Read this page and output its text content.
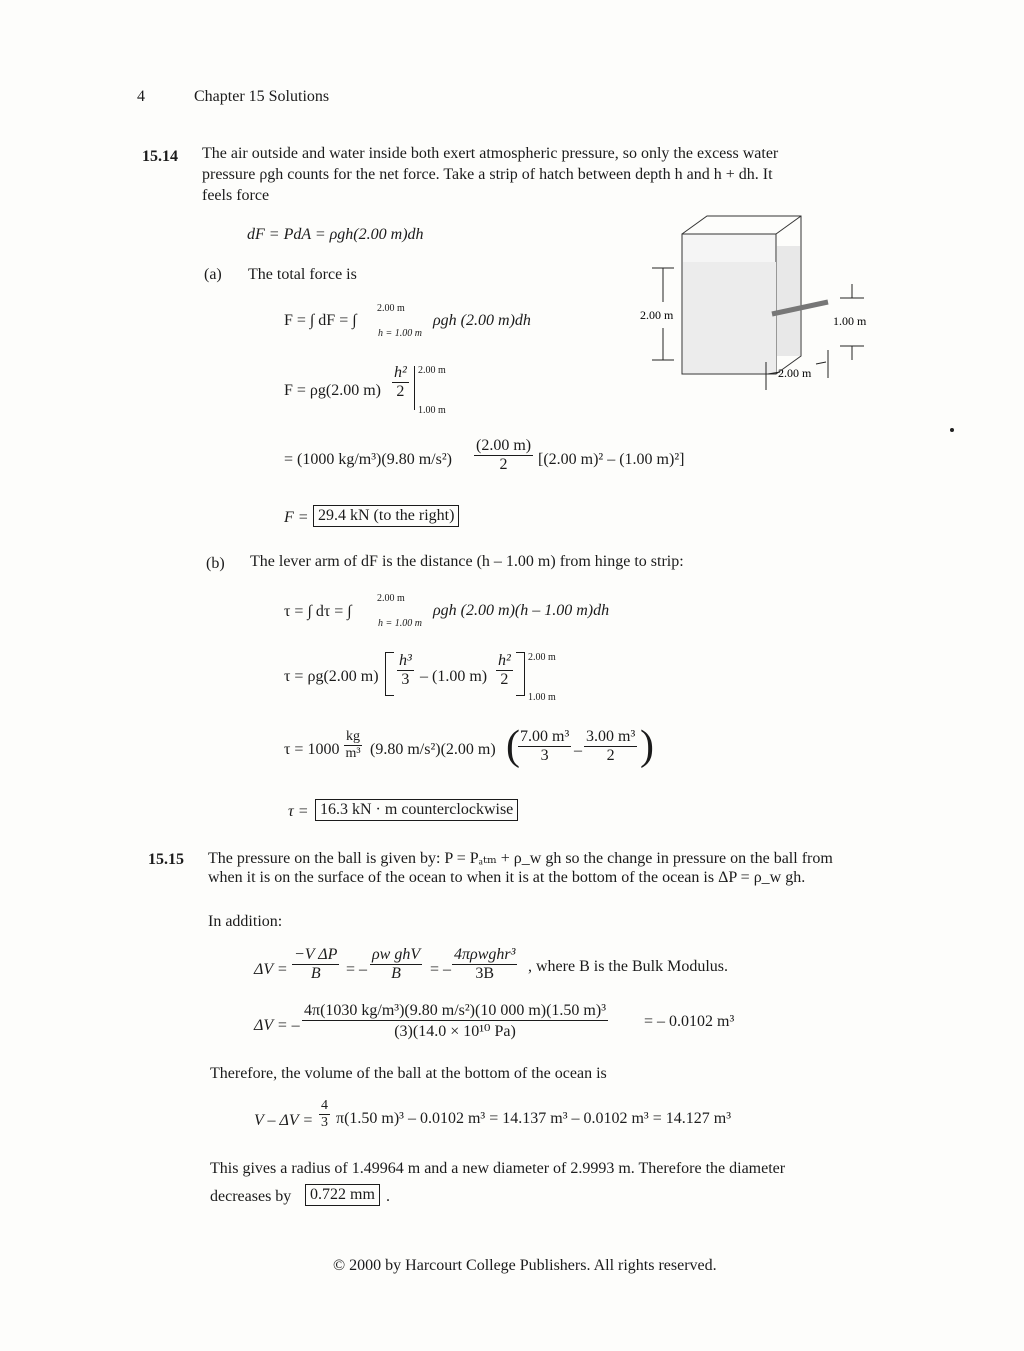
4	Chapter 15 Solutions
15.14 The air outside and water inside both exert atmospheric pressure, so only the excess water
pressure ρgh counts for the net force. Take a strip of hatch between depth h and h + dh. It
feels force
dF = PdA = ρgh(2.00 m)dh
(a) The total force is
F = ∫ dF = ∫
2.00 m
h = 1.00 m
ρgh (2.00 m)dh
F = ρg(2.00 $m) \frac{\text{h²}}{2} 2.00$ m
1.00 m
= (1000 kg/m³)(9.80 $m/s^2) \frac{(2.00 m)}{2} [(2.00$ m)² – (1.00 m)²]
F = 29.4 kN (to the right)
(b) The lever arm of dF is the distance (h – 1.00 m) from hinge to strip:
τ = ∫ dτ = ∫
2.00 m
h = 1.00 m
ρgh (2.00 m)(h – 1.00 m)dh
τ = ρg(2.00 $m) \frac{\text{h³}}{3} - (1.00$ $m) \frac{\text{h²}}{2} 2.00$ m
1.00 m
$\tau = 1000 \frac{kg}{\text{m³}} (9.80$ m/s²)(2.00 m) (
$\frac{\text{7.00 m³}}{3} - \frac{\text{3.00 m³}}{2}$ )
τ = 16.3 kN · m counterclockwise
2.00 m	1.00 m
2.00 m
15.15 The pressure on the ball is given by: P = Pₐₜₘ + ρ_w gh so the change in pressure on the ball from
when it is on the surface of the ocean to when it is at the bottom of the ocean is ΔP = ρ_w gh.
In addition:
$\Delta V = \frac{\text{−V ΔP}}{B}$ = – $\frac{\text{ρw ghV}}{B}$ = – $\frac{\text{4πρwghr³}}{3B}$ , where B is the Bulk Modulus.
ΔV = – $\frac{\text{4π(1030 kg/m³)(9.80 m/s²)(10 000 m)(1.50 m)³}}{\text{(3)(14.0 × 10¹⁰ Pa)}}$ = – 0.0102 m³
Therefore, the volume of the ball at the bottom of the ocean is
$V - \Delta V = \frac{4}{3} \pi(1.50$ m)³ – 0.0102 m³ = 14.137 m³ – 0.0102 m³ = 14.127 m³
This gives a radius of 1.49964 m and a new diameter of 2.9993 m. Therefore the diameter
decreases by	0.722 mm .
© 2000 by Harcourt College Publishers. All rights reserved.
